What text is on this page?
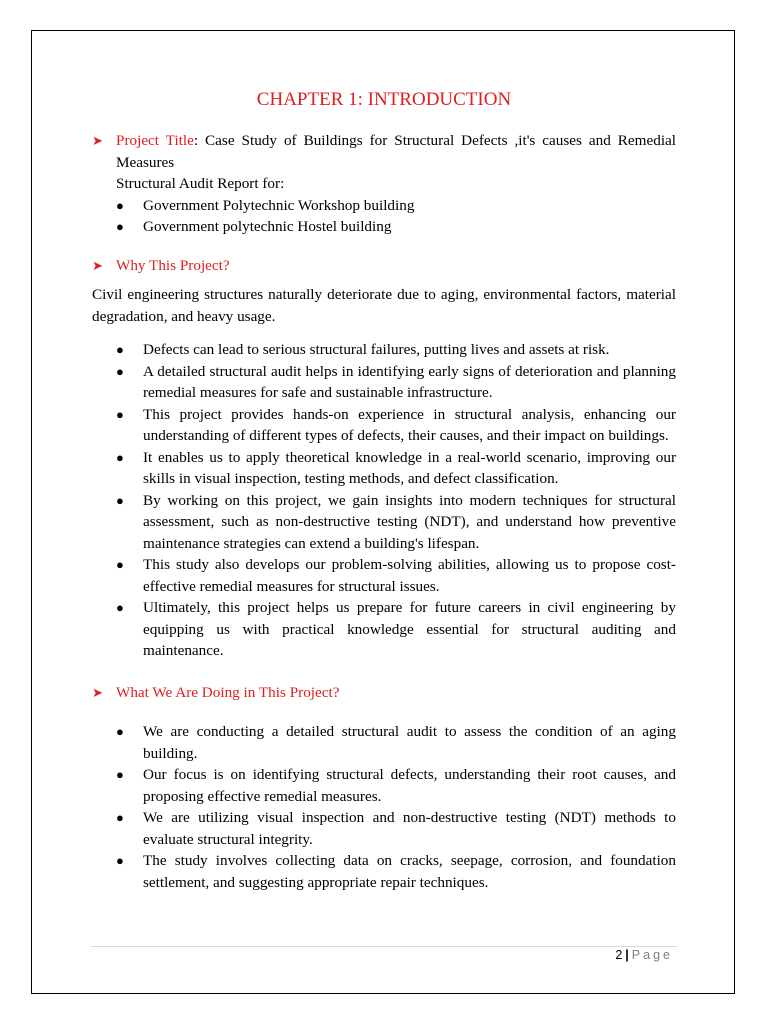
CHAPTER 1: INTRODUCTION
➤ Project Title: Case Study of Buildings for Structural Defects ,it's causes and Remedial Measures
Structural Audit Report for:
● Government Polytechnic Workshop building
● Government polytechnic Hostel building
➤ Why This Project?

Civil engineering structures naturally deteriorate due to aging, environmental factors, material degradation, and heavy usage.

● Defects can lead to serious structural failures, putting lives and assets at risk.
● A detailed structural audit helps in identifying early signs of deterioration and planning remedial measures for safe and sustainable infrastructure.
● This project provides hands-on experience in structural analysis, enhancing our understanding of different types of defects, their causes, and their impact on buildings.
● It enables us to apply theoretical knowledge in a real-world scenario, improving our skills in visual inspection, testing methods, and defect classification.
● By working on this project, we gain insights into modern techniques for structural assessment, such as non-destructive testing (NDT), and understand how preventive maintenance strategies can extend a building's lifespan.
● This study also develops our problem-solving abilities, allowing us to propose cost-effective remedial measures for structural issues.
● Ultimately, this project helps us prepare for future careers in civil engineering by equipping us with practical knowledge essential for structural auditing and maintenance.
➤ What We Are Doing in This Project?
● We are conducting a detailed structural audit to assess the condition of an aging building.
● Our focus is on identifying structural defects, understanding their root causes, and proposing effective remedial measures.
● We are utilizing visual inspection and non-destructive testing (NDT) methods to evaluate structural integrity.
● The study involves collecting data on cracks, seepage, corrosion, and foundation settlement, and suggesting appropriate repair techniques.
2 | Page
